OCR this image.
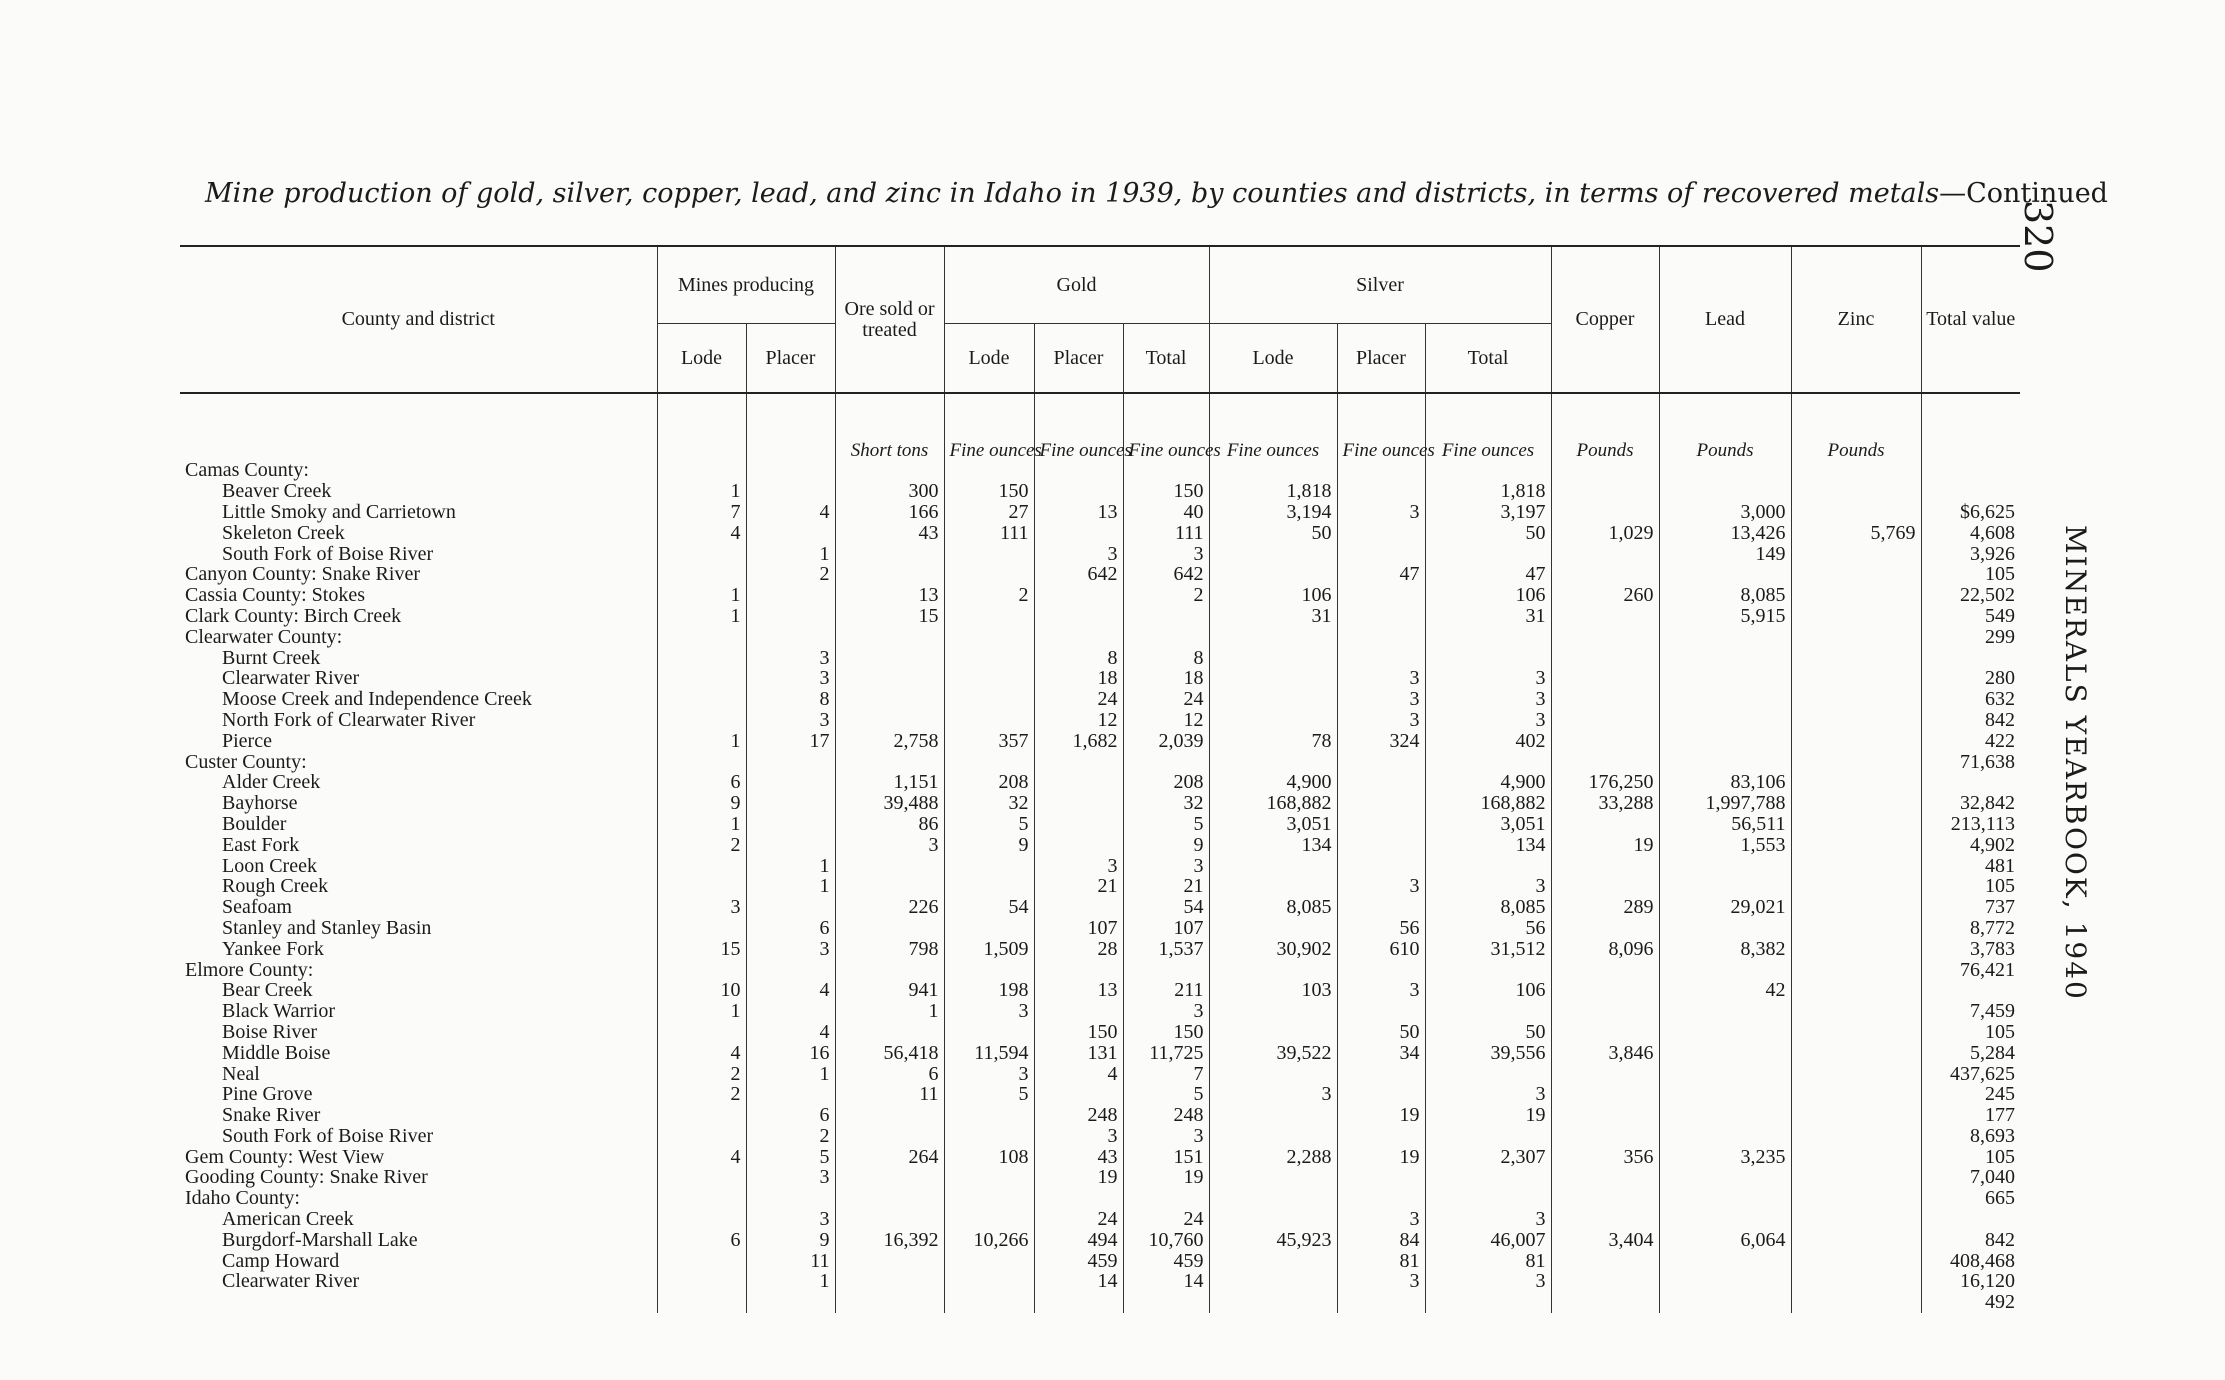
Mine production of gold, silver, copper, lead, and zinc in Idaho in 1939, by counties and districts, in terms of recovered metals—Continued
320
MINERALS YEARBOOK, 1940
County and district	Mines producing		Ore sold or treated	Gold			Silver			Copper	Lead	Zinc	Total value
	Lode	Placer		Lode	Placer	Total	Lode	Placer	Total				
			Short tons	Fine ounces	Fine ounces	Fine ounces	Fine ounces	Fine ounces	Fine ounces	Pounds	Pounds	Pounds	
Camas County:													
Beaver Creek	1		300	150		150	1,818		1,818				
Little Smoky and Carrietown	7	4	166	27	13	40	3,194	3	3,197		3,000		$6,625
Skeleton Creek	4		43	111		111	50		50	1,029	13,426	5,769	4,608
South Fork of Boise River		1			3	3					149		3,926
Canyon County: Snake River		2			642	642		47	47				105
Cassia County: Stokes	1		13	2		2	106		106	260	8,085		22,502
Clark County: Birch Creek	1		15				31		31		5,915		549
Clearwater County:													299
Burnt Creek		3			8	8							
Clearwater River		3			18	18		3	3				280
Moose Creek and Independence Creek		8			24	24		3	3				632
North Fork of Clearwater River		3			12	12		3	3				842
Pierce	1	17	2,758	357	1,682	2,039	78	324	402				422
Custer County:													71,638
Alder Creek	6		1,151	208		208	4,900		4,900	176,250	83,106		
Bayhorse	9		39,488	32		32	168,882		168,882	33,288	1,997,788		32,842
Boulder	1		86	5		5	3,051		3,051		56,511		213,113
East Fork	2		3	9		9	134		134	19	1,553		4,902
Loon Creek		1			3	3							481
Rough Creek		1			21	21		3	3				105
Seafoam	3		226	54		54	8,085		8,085	289	29,021		737
Stanley and Stanley Basin		6			107	107		56	56				8,772
Yankee Fork	15	3	798	1,509	28	1,537	30,902	610	31,512	8,096	8,382		3,783
Elmore County:													76,421
Bear Creek	10	4	941	198	13	211	103	3	106		42		
Black Warrior	1		1	3		3							7,459
Boise River		4			150	150		50	50				105
Middle Boise	4	16	56,418	11,594	131	11,725	39,522	34	39,556	3,846			5,284
Neal	2	1	6	3	4	7							437,625
Pine Grove	2		11	5		5	3		3				245
Snake River		6			248	248		19	19				177
South Fork of Boise River		2			3	3							8,693
Gem County: West View	4	5	264	108	43	151	2,288	19	2,307	356	3,235		105
Gooding County: Snake River		3			19	19							7,040
Idaho County:													665
American Creek		3			24	24		3	3				
Burgdorf-Marshall Lake	6	9	16,392	10,266	494	10,760	45,923	84	46,007	3,404	6,064		842
Camp Howard		11			459	459		81	81				408,468
Clearwater River		1			14	14		3	3				16,120
													492
